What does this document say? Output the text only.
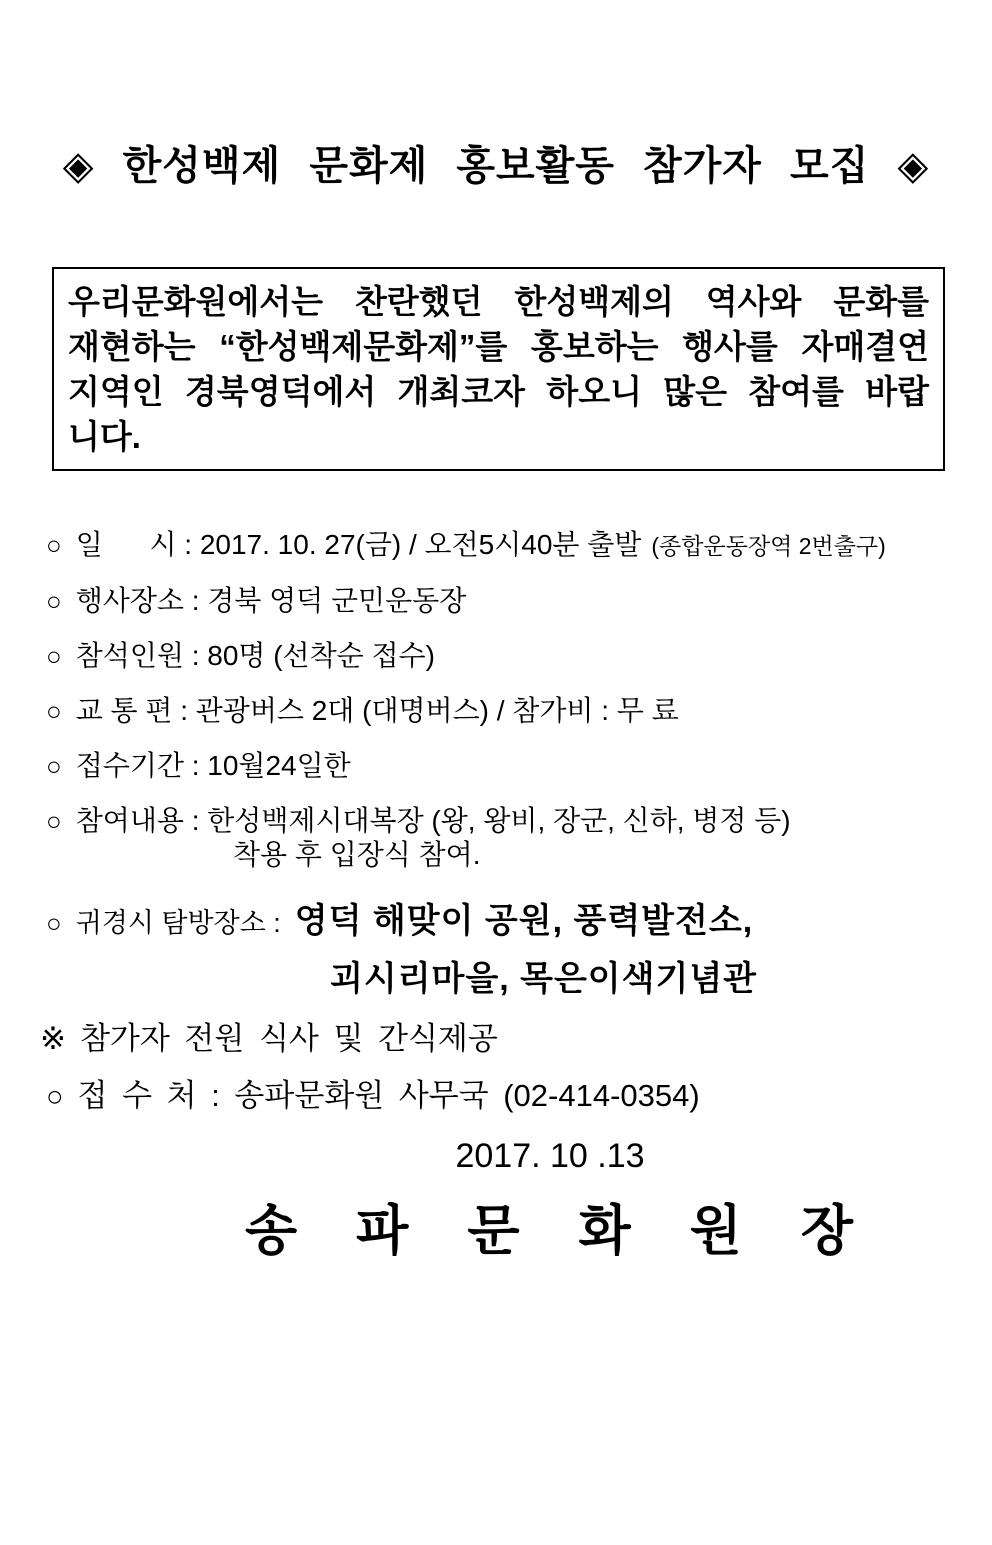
◈ 한성백제 문화제 홍보활동 참가자 모집 ◈
우리문화원에서는 찬란했던 한성백제의 역사와 문화를
재현하는 “한성백제문화제”를 홍보하는 행사를 자매결연
지역인 경북영덕에서 개최코자 하오니 많은 참여를 바랍
니다.
○ 일      시 : 2017. 10. 27(금) / 오전5시40분 출발 (종합운동장역 2번출구)
○ 행사장소 : 경북 영덕 군민운동장
○ 참석인원 : 80명 (선착순 접수)
○ 교 통 편 : 관광버스 2대 (대명버스) / 참가비 : 무 료
○ 접수기간 : 10월24일한
○ 참여내용 : 한성백제시대복장 (왕, 왕비, 장군, 신하, 병정 등)
착용 후 입장식 참여.
○ 귀경시 탐방장소 : 영덕 해맞이 공원, 풍력발전소,
괴시리마을, 목은이색기념관
※ 참가자 전원 식사 및 간식제공
○ 접 수 처 : 송파문화원 사무국 (02-414-0354)
2017. 10 .13
송 파 문 화 원 장
